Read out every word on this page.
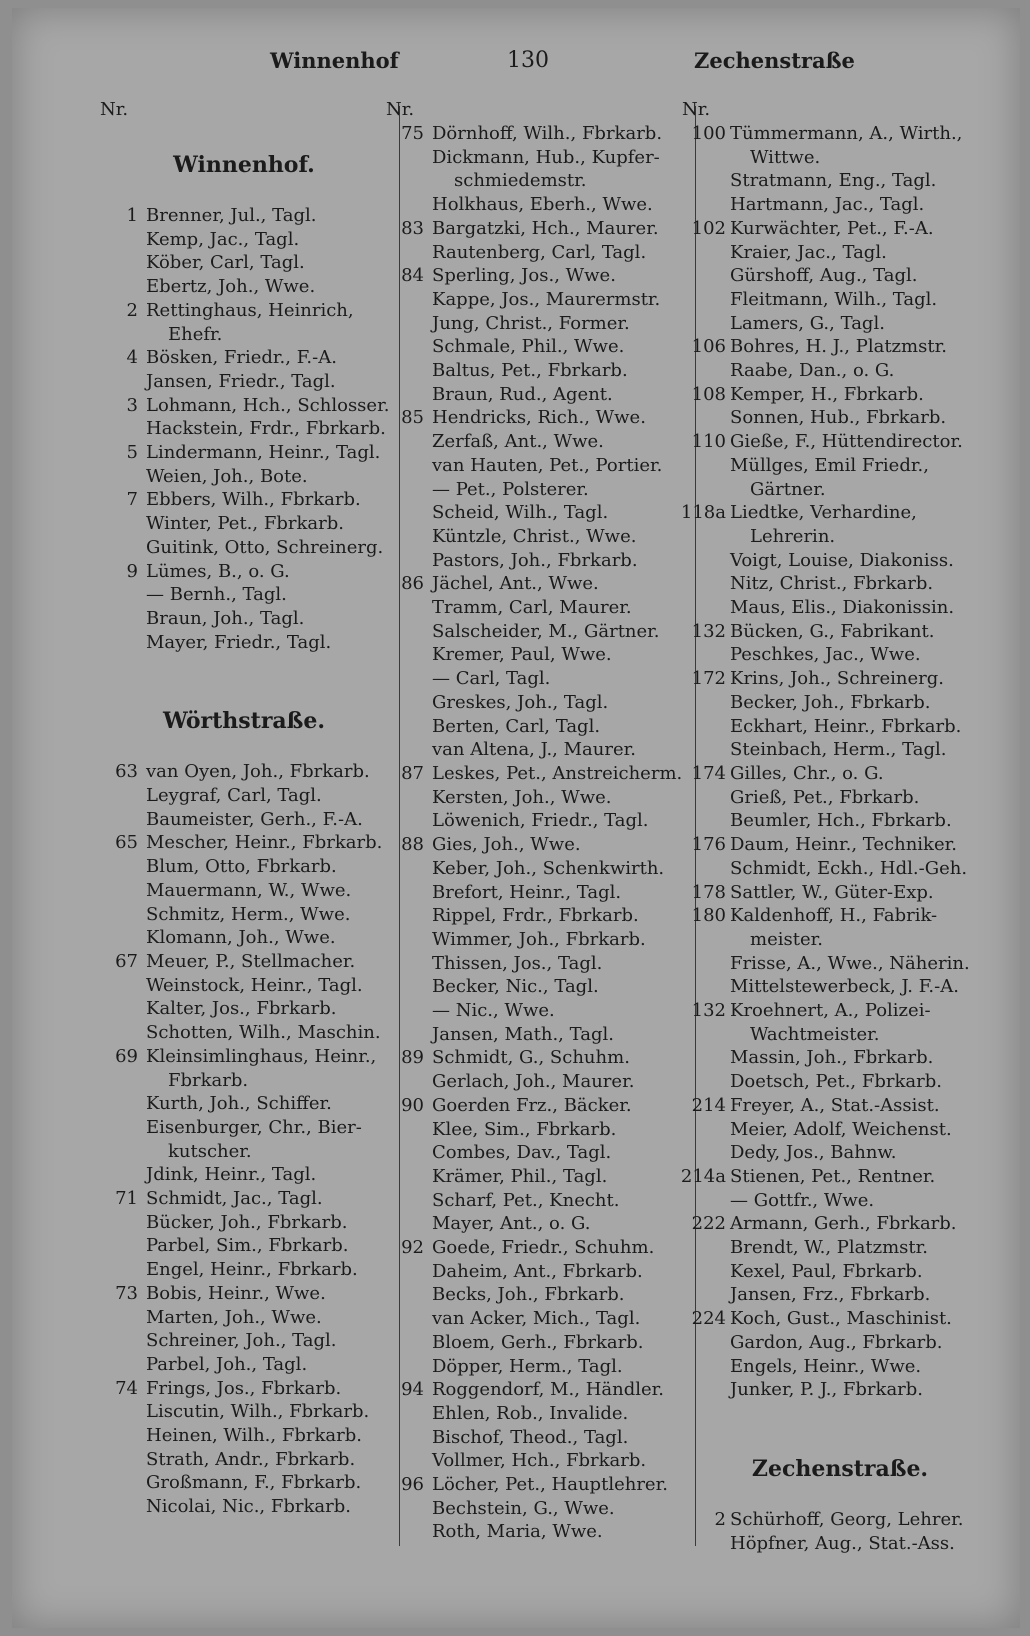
Winnenhof	130	Zechenstraße
Nr.
Winnenhof.
1 Brenner, Jul., Tagl.
Kemp, Jac., Tagl.
Köber, Carl, Tagl.
Ebertz, Joh., Wwe.
2 Rettinghaus, Heinrich,
Ehefr.
4 Bösken, Friedr., F.-A.
Jansen, Friedr., Tagl.
3 Lohmann, Hch., Schlosser.
Hackstein, Frdr., Fbrkarb.
5 Lindermann, Heinr., Tagl.
Weien, Joh., Bote.
7 Ebbers, Wilh., Fbrkarb.
Winter, Pet., Fbrkarb.
Guitink, Otto, Schreinerg.
9 Lümes, B., o. G.
— Bernh., Tagl.
Braun, Joh., Tagl.
Mayer, Friedr., Tagl.
Wörthstraße.
63 van Oyen, Joh., Fbrkarb.
Leygraf, Carl, Tagl.
Baumeister, Gerh., F.-A.
65 Mescher, Heinr., Fbrkarb.
Blum, Otto, Fbrkarb.
Mauermann, W., Wwe.
Schmitz, Herm., Wwe.
Klomann, Joh., Wwe.
67 Meuer, P., Stellmacher.
Weinstock, Heinr., Tagl.
Kalter, Jos., Fbrkarb.
Schotten, Wilh., Maschin.
69 Kleinsimlinghaus, Heinr.,
Fbrkarb.
Kurth, Joh., Schiffer.
Eisenburger, Chr., Bier-
kutscher.
Jdink, Heinr., Tagl.
71 Schmidt, Jac., Tagl.
Bücker, Joh., Fbrkarb.
Parbel, Sim., Fbrkarb.
Engel, Heinr., Fbrkarb.
73 Bobis, Heinr., Wwe.
Marten, Joh., Wwe.
Schreiner, Joh., Tagl.
Parbel, Joh., Tagl.
74 Frings, Jos., Fbrkarb.
Liscutin, Wilh., Fbrkarb.
Heinen, Wilh., Fbrkarb.
Strath, Andr., Fbrkarb.
Großmann, F., Fbrkarb.
Nicolai, Nic., Fbrkarb.
Nr.
75 Dörnhoff, Wilh., Fbrkarb.
Dickmann, Hub., Kupfer-
schmiedemstr.
Holkhaus, Eberh., Wwe.
83 Bargatzki, Hch., Maurer.
Rautenberg, Carl, Tagl.
84 Sperling, Jos., Wwe.
Kappe, Jos., Maurermstr.
Jung, Christ., Former.
Schmale, Phil., Wwe.
Baltus, Pet., Fbrkarb.
Braun, Rud., Agent.
85 Hendricks, Rich., Wwe.
Zerfaß, Ant., Wwe.
van Hauten, Pet., Portier.
— Pet., Polsterer.
Scheid, Wilh., Tagl.
Küntzle, Christ., Wwe.
Pastors, Joh., Fbrkarb.
86 Jächel, Ant., Wwe.
Tramm, Carl, Maurer.
Salscheider, M., Gärtner.
Kremer, Paul, Wwe.
— Carl, Tagl.
Greskes, Joh., Tagl.
Berten, Carl, Tagl.
van Altena, J., Maurer.
87 Leskes, Pet., Anstreicherm.
Kersten, Joh., Wwe.
Löwenich, Friedr., Tagl.
88 Gies, Joh., Wwe.
Keber, Joh., Schenkwirth.
Brefort, Heinr., Tagl.
Rippel, Frdr., Fbrkarb.
Wimmer, Joh., Fbrkarb.
Thissen, Jos., Tagl.
Becker, Nic., Tagl.
— Nic., Wwe.
Jansen, Math., Tagl.
89 Schmidt, G., Schuhm.
Gerlach, Joh., Maurer.
90 Goerden Frz., Bäcker.
Klee, Sim., Fbrkarb.
Combes, Dav., Tagl.
Krämer, Phil., Tagl.
Scharf, Pet., Knecht.
Mayer, Ant., o. G.
92 Goede, Friedr., Schuhm.
Daheim, Ant., Fbrkarb.
Becks, Joh., Fbrkarb.
van Acker, Mich., Tagl.
Bloem, Gerh., Fbrkarb.
Döpper, Herm., Tagl.
94 Roggendorf, M., Händler.
Ehlen, Rob., Invalide.
Bischof, Theod., Tagl.
Vollmer, Hch., Fbrkarb.
96 Löcher, Pet., Hauptlehrer.
Bechstein, G., Wwe.
Roth, Maria, Wwe.
Nr.
100 Tümmermann, A., Wirth.,
Wittwe.
Stratmann, Eng., Tagl.
Hartmann, Jac., Tagl.
102 Kurwächter, Pet., F.-A.
Kraier, Jac., Tagl.
Gürshoff, Aug., Tagl.
Fleitmann, Wilh., Tagl.
Lamers, G., Tagl.
106 Bohres, H. J., Platzmstr.
Raabe, Dan., o. G.
108 Kemper, H., Fbrkarb.
Sonnen, Hub., Fbrkarb.
110 Gieße, F., Hüttendirector.
Müllges, Emil Friedr.,
Gärtner.
118a Liedtke, Verhardine,
Lehrerin.
Voigt, Louise, Diakoniss.
Nitz, Christ., Fbrkarb.
Maus, Elis., Diakonissin.
132 Bücken, G., Fabrikant.
Peschkes, Jac., Wwe.
172 Krins, Joh., Schreinerg.
Becker, Joh., Fbrkarb.
Eckhart, Heinr., Fbrkarb.
Steinbach, Herm., Tagl.
174 Gilles, Chr., o. G.
Grieß, Pet., Fbrkarb.
Beumler, Hch., Fbrkarb.
176 Daum, Heinr., Techniker.
Schmidt, Eckh., Hdl.-Geh.
178 Sattler, W., Güter-Exp.
180 Kaldenhoff, H., Fabrik-
meister.
Frisse, A., Wwe., Näherin.
Mittelstewerbeck, J. F.-A.
132 Kroehnert, A., Polizei-
Wachtmeister.
Massin, Joh., Fbrkarb.
Doetsch, Pet., Fbrkarb.
214 Freyer, A., Stat.-Assist.
Meier, Adolf, Weichenst.
Dedy, Jos., Bahnw.
214a Stienen, Pet., Rentner.
— Gottfr., Wwe.
222 Armann, Gerh., Fbrkarb.
Brendt, W., Platzmstr.
Kexel, Paul, Fbrkarb.
Jansen, Frz., Fbrkarb.
224 Koch, Gust., Maschinist.
Gardon, Aug., Fbrkarb.
Engels, Heinr., Wwe.
Junker, P. J., Fbrkarb.
Zechenstraße.
2 Schürhoff, Georg, Lehrer.
Höpfner, Aug., Stat.-Ass.
